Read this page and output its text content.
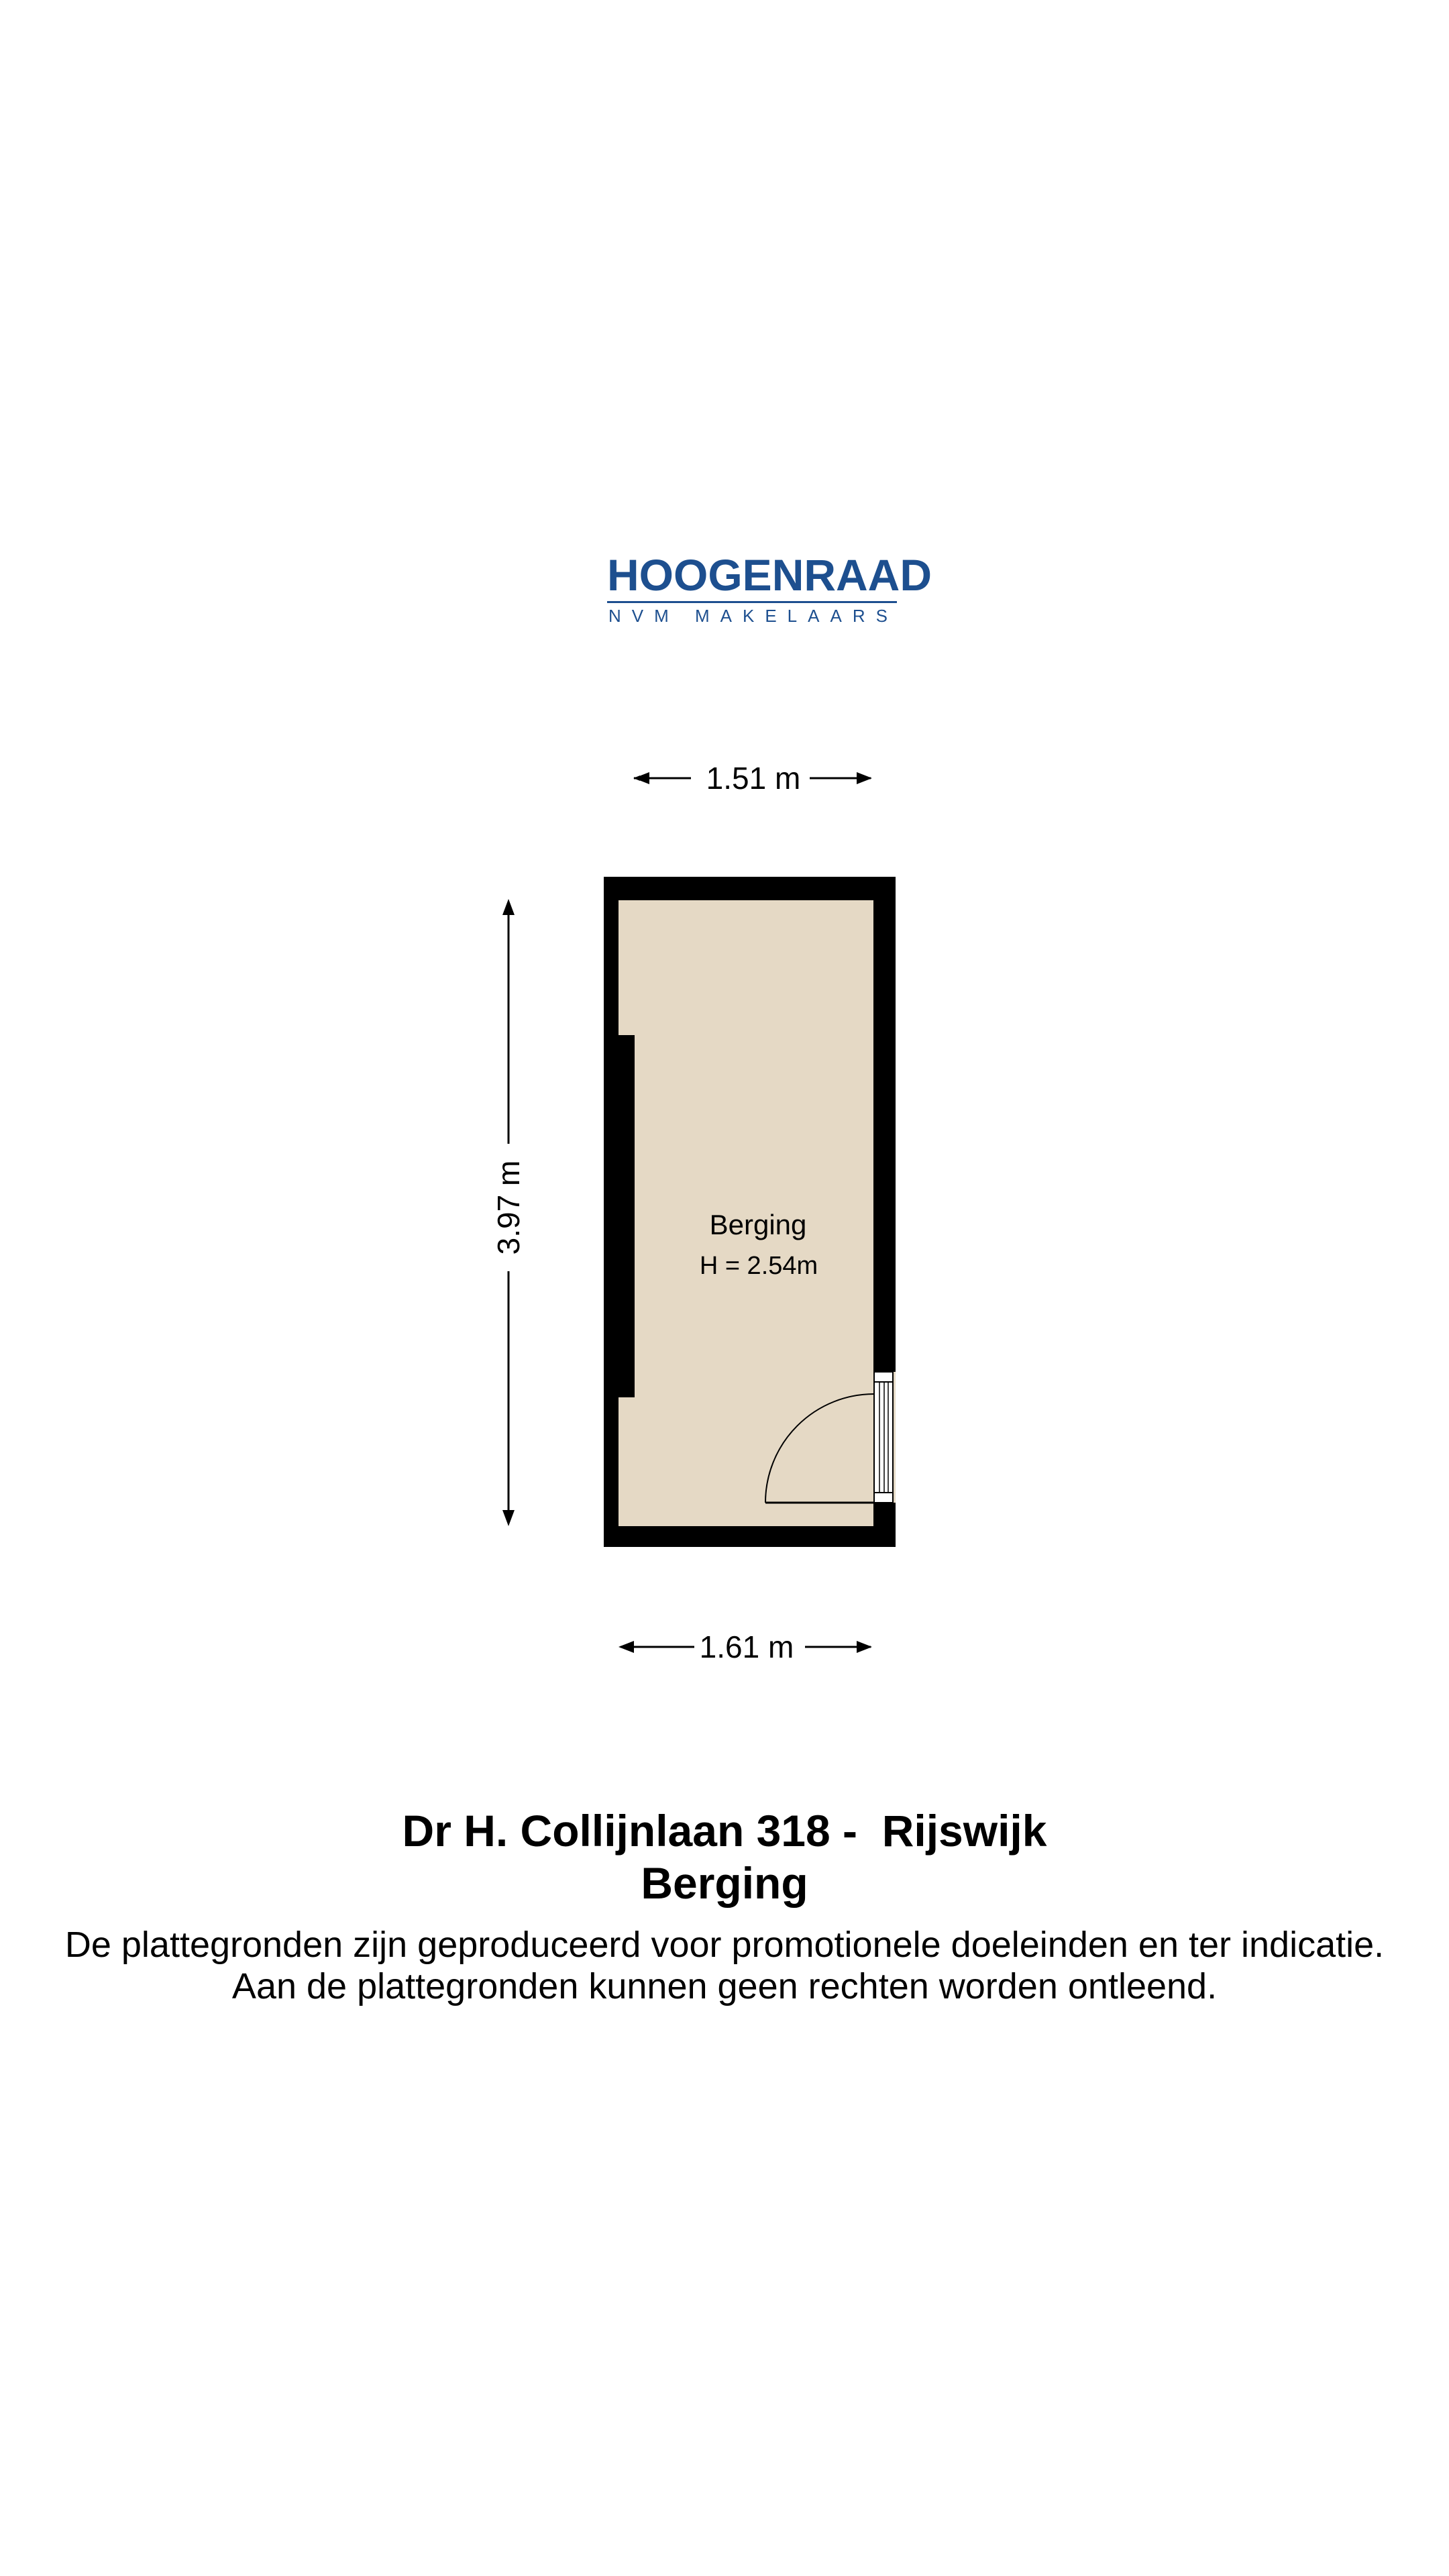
HOOGENRAAD
NVM MAKELAARS
1.51 m
3.97 m	Berging
H = 2.54m
1.61 m
Dr H. Collijnlaan 318 -  Rijswijk
Berging
De plattegronden zijn geproduceerd voor promotionele doeleinden en ter indicatie.
Aan de plattegronden kunnen geen rechten worden ontleend.
